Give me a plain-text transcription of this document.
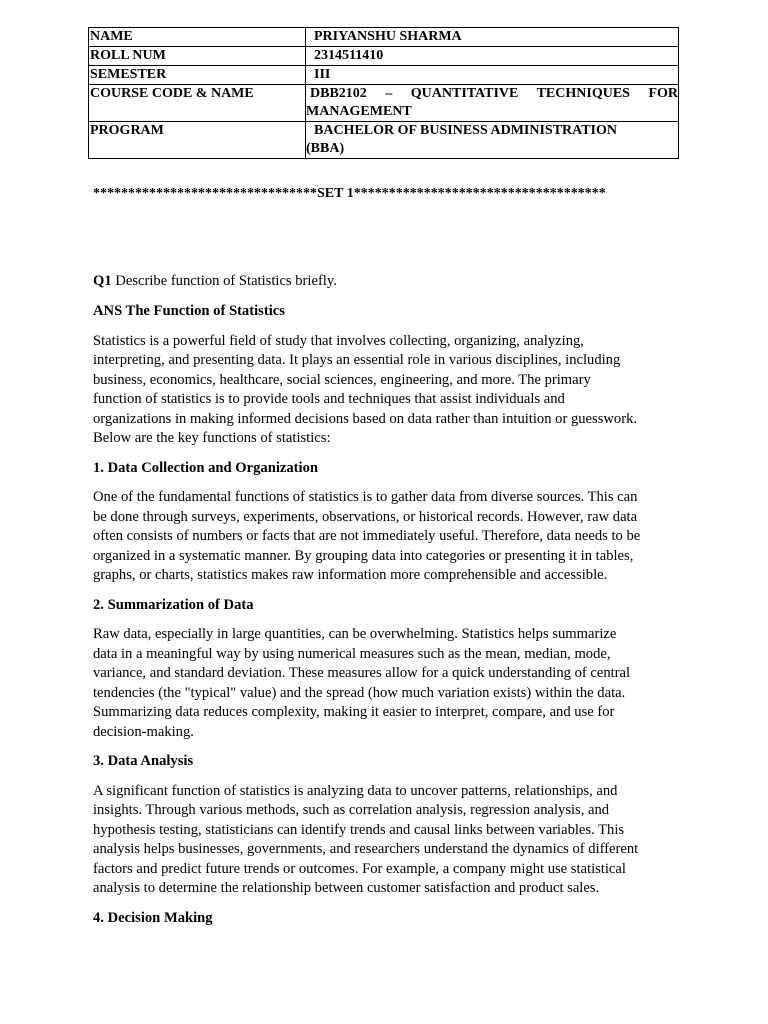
NAME	PRIYANSHU SHARMA
ROLL NUM	2314511410
SEMESTER	III
COURSE CODE & NAME	DBB2102 – QUANTITATIVE TECHNIQUES FOR
MANAGEMENT
PROGRAM	BACHELOR OF BUSINESS ADMINISTRATION
(BBA)
********************************SET 1************************************

Q1 Describe function of Statistics briefly.

ANS The Function of Statistics

Statistics is a powerful field of study that involves collecting, organizing, analyzing,
interpreting, and presenting data. It plays an essential role in various disciplines, including
business, economics, healthcare, social sciences, engineering, and more. The primary
function of statistics is to provide tools and techniques that assist individuals and
organizations in making informed decisions based on data rather than intuition or guesswork.
Below are the key functions of statistics:

1. Data Collection and Organization

One of the fundamental functions of statistics is to gather data from diverse sources. This can
be done through surveys, experiments, observations, or historical records. However, raw data
often consists of numbers or facts that are not immediately useful. Therefore, data needs to be
organized in a systematic manner. By grouping data into categories or presenting it in tables,
graphs, or charts, statistics makes raw information more comprehensible and accessible.

2. Summarization of Data

Raw data, especially in large quantities, can be overwhelming. Statistics helps summarize
data in a meaningful way by using numerical measures such as the mean, median, mode,
variance, and standard deviation. These measures allow for a quick understanding of central
tendencies (the "typical" value) and the spread (how much variation exists) within the data.
Summarizing data reduces complexity, making it easier to interpret, compare, and use for
decision-making.

3. Data Analysis

A significant function of statistics is analyzing data to uncover patterns, relationships, and
insights. Through various methods, such as correlation analysis, regression analysis, and
hypothesis testing, statisticians can identify trends and causal links between variables. This
analysis helps businesses, governments, and researchers understand the dynamics of different
factors and predict future trends or outcomes. For example, a company might use statistical
analysis to determine the relationship between customer satisfaction and product sales.

4. Decision Making
